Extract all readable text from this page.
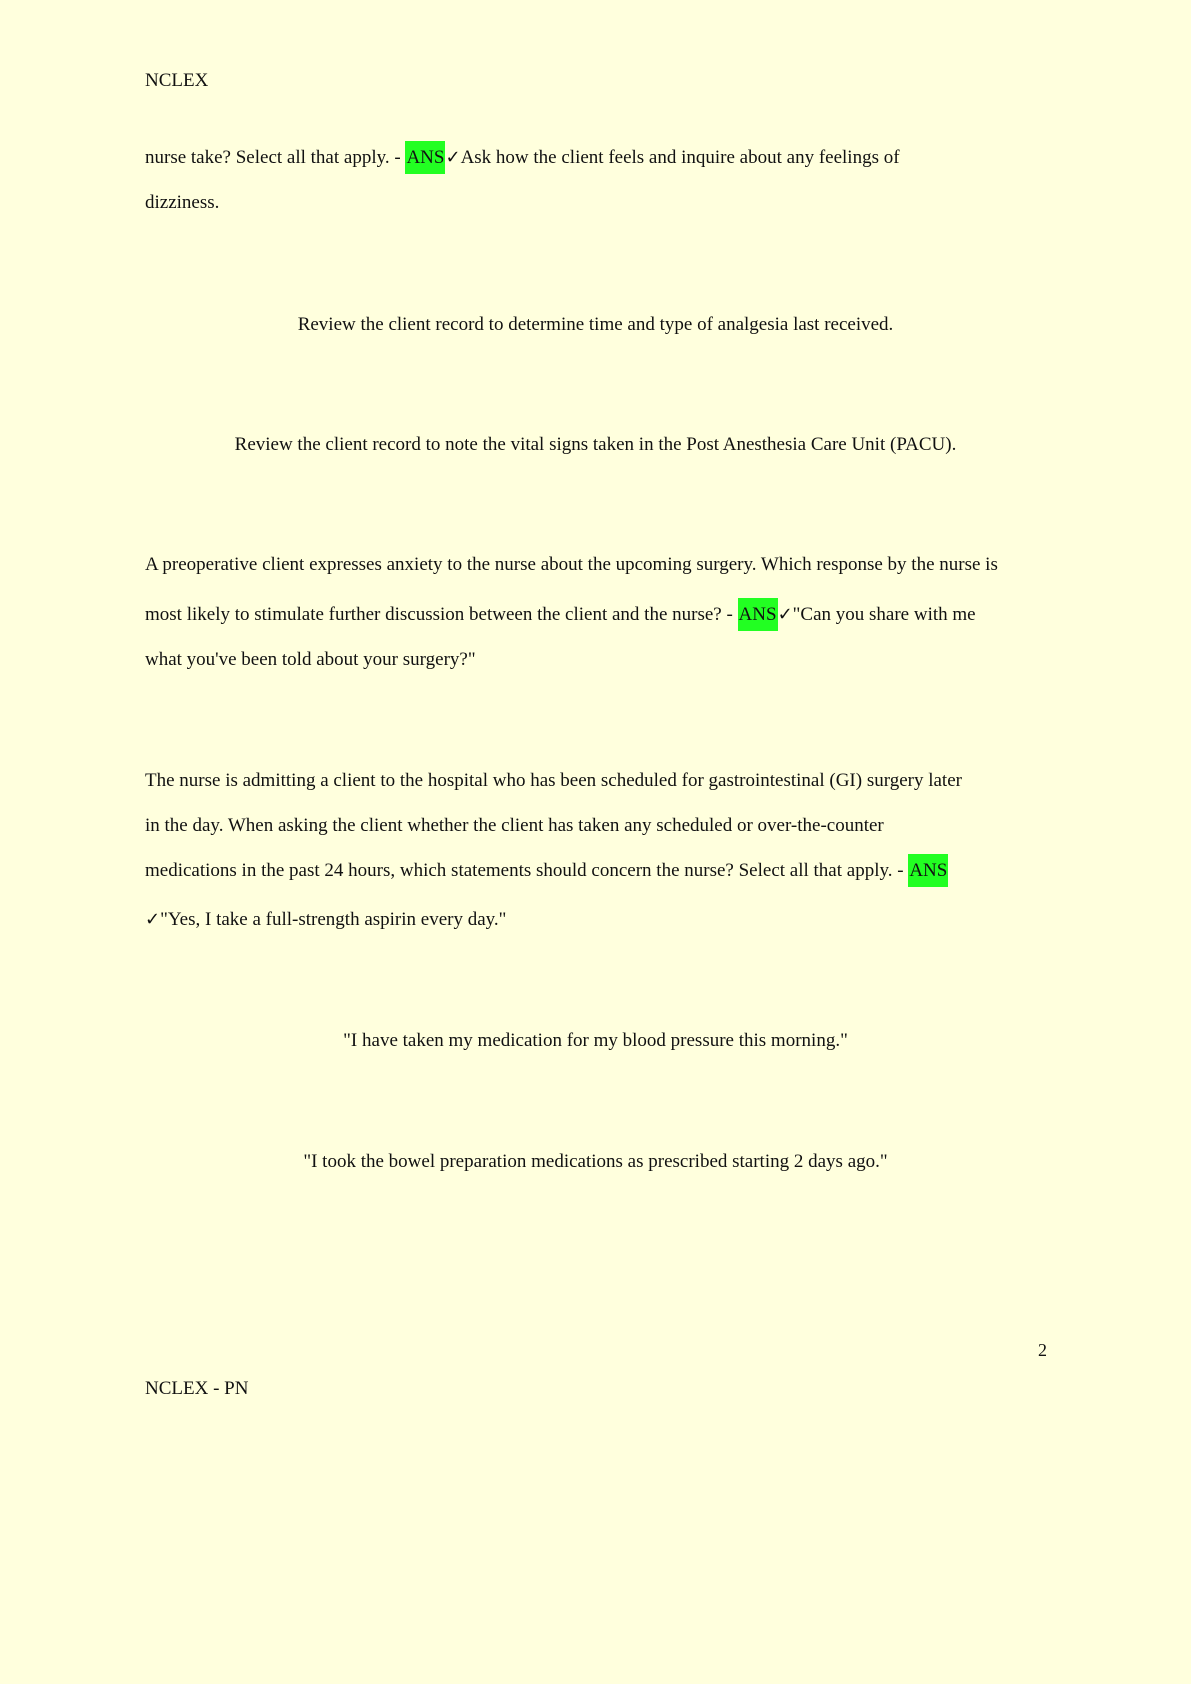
NCLEX
nurse take? Select all that apply. - ANS✓Ask how the client feels and inquire about any feelings of
dizziness.
Review the client record to determine time and type of analgesia last received.
Review the client record to note the vital signs taken in the Post Anesthesia Care Unit (PACU).
A preoperative client expresses anxiety to the nurse about the upcoming surgery. Which response by the nurse is
most likely to stimulate further discussion between the client and the nurse? - ANS✓"Can you share with me
what you've been told about your surgery?"
The nurse is admitting a client to the hospital who has been scheduled for gastrointestinal (GI) surgery later
in the day. When asking the client whether the client has taken any scheduled or over-the-counter
medications in the past 24 hours, which statements should concern the nurse? Select all that apply. - ANS
✓"Yes, I take a full-strength aspirin every day."
"I have taken my medication for my blood pressure this morning."
"I took the bowel preparation medications as prescribed starting 2 days ago."
2
NCLEX - PN
